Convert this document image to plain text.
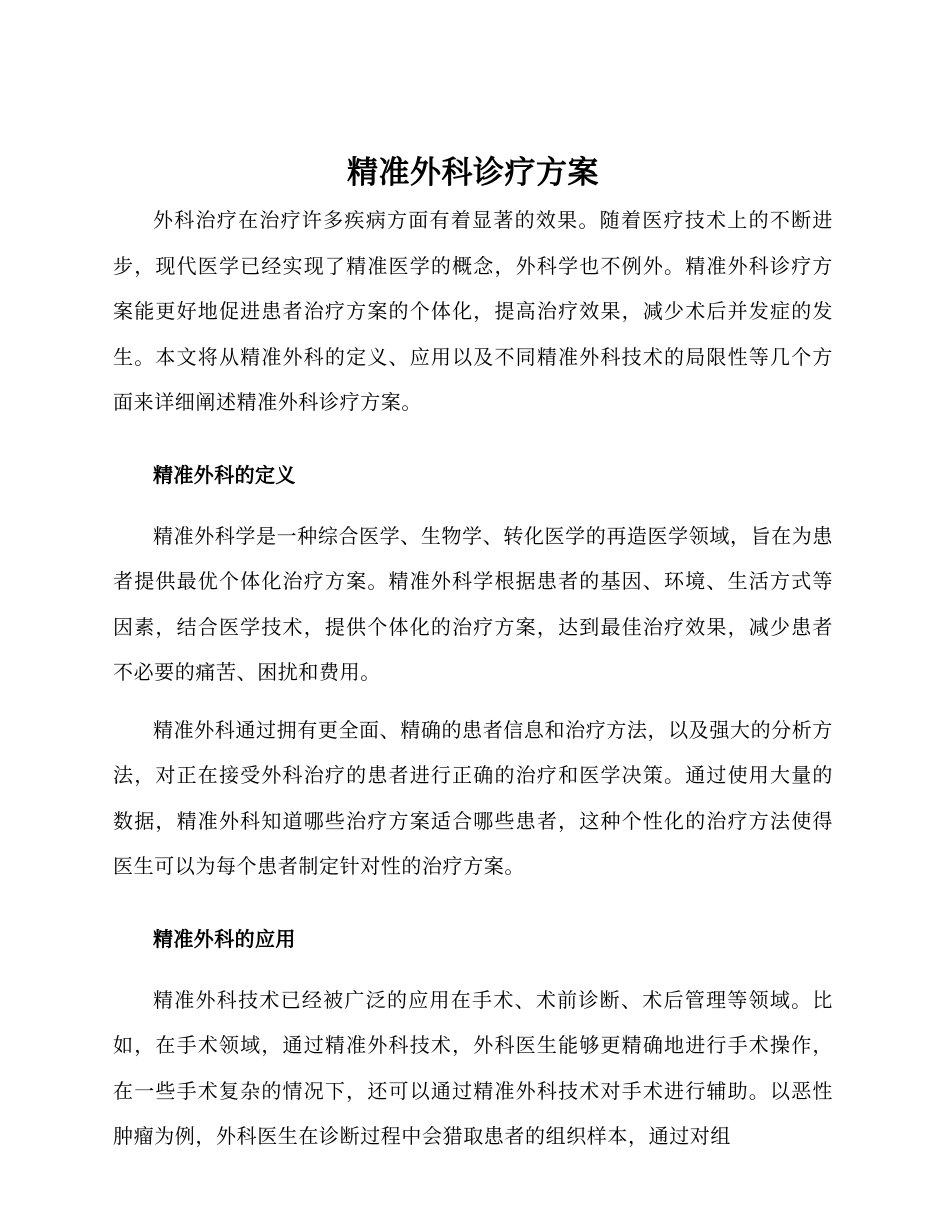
精准外科诊疗方案

外科治疗在治疗许多疾病方面有着显著的效果。随着医疗技术上的不断进步，现代医学已经实现了精准医学的概念，外科学也不例外。精准外科诊疗方案能更好地促进患者治疗方案的个体化，提高治疗效果，减少术后并发症的发生。本文将从精准外科的定义、应用以及不同精准外科技术的局限性等几个方面来详细阐述精准外科诊疗方案。

精准外科的定义

精准外科学是一种综合医学、生物学、转化医学的再造医学领域，旨在为患者提供最优个体化治疗方案。精准外科学根据患者的基因、环境、生活方式等因素，结合医学技术，提供个体化的治疗方案，达到最佳治疗效果，减少患者不必要的痛苦、困扰和费用。

精准外科通过拥有更全面、精确的患者信息和治疗方法，以及强大的分析方法，对正在接受外科治疗的患者进行正确的治疗和医学决策。通过使用大量的数据，精准外科知道哪些治疗方案适合哪些患者，这种个性化的治疗方法使得医生可以为每个患者制定针对性的治疗方案。

精准外科的应用

精准外科技术已经被广泛的应用在手术、术前诊断、术后管理等领域。比如，在手术领域，通过精准外科技术，外科医生能够更精确地进行手术操作，在一些手术复杂的情况下，还可以通过精准外科技术对手术进行辅助。以恶性肿瘤为例，外科医生在诊断过程中会猎取患者的组织样本，通过对组
